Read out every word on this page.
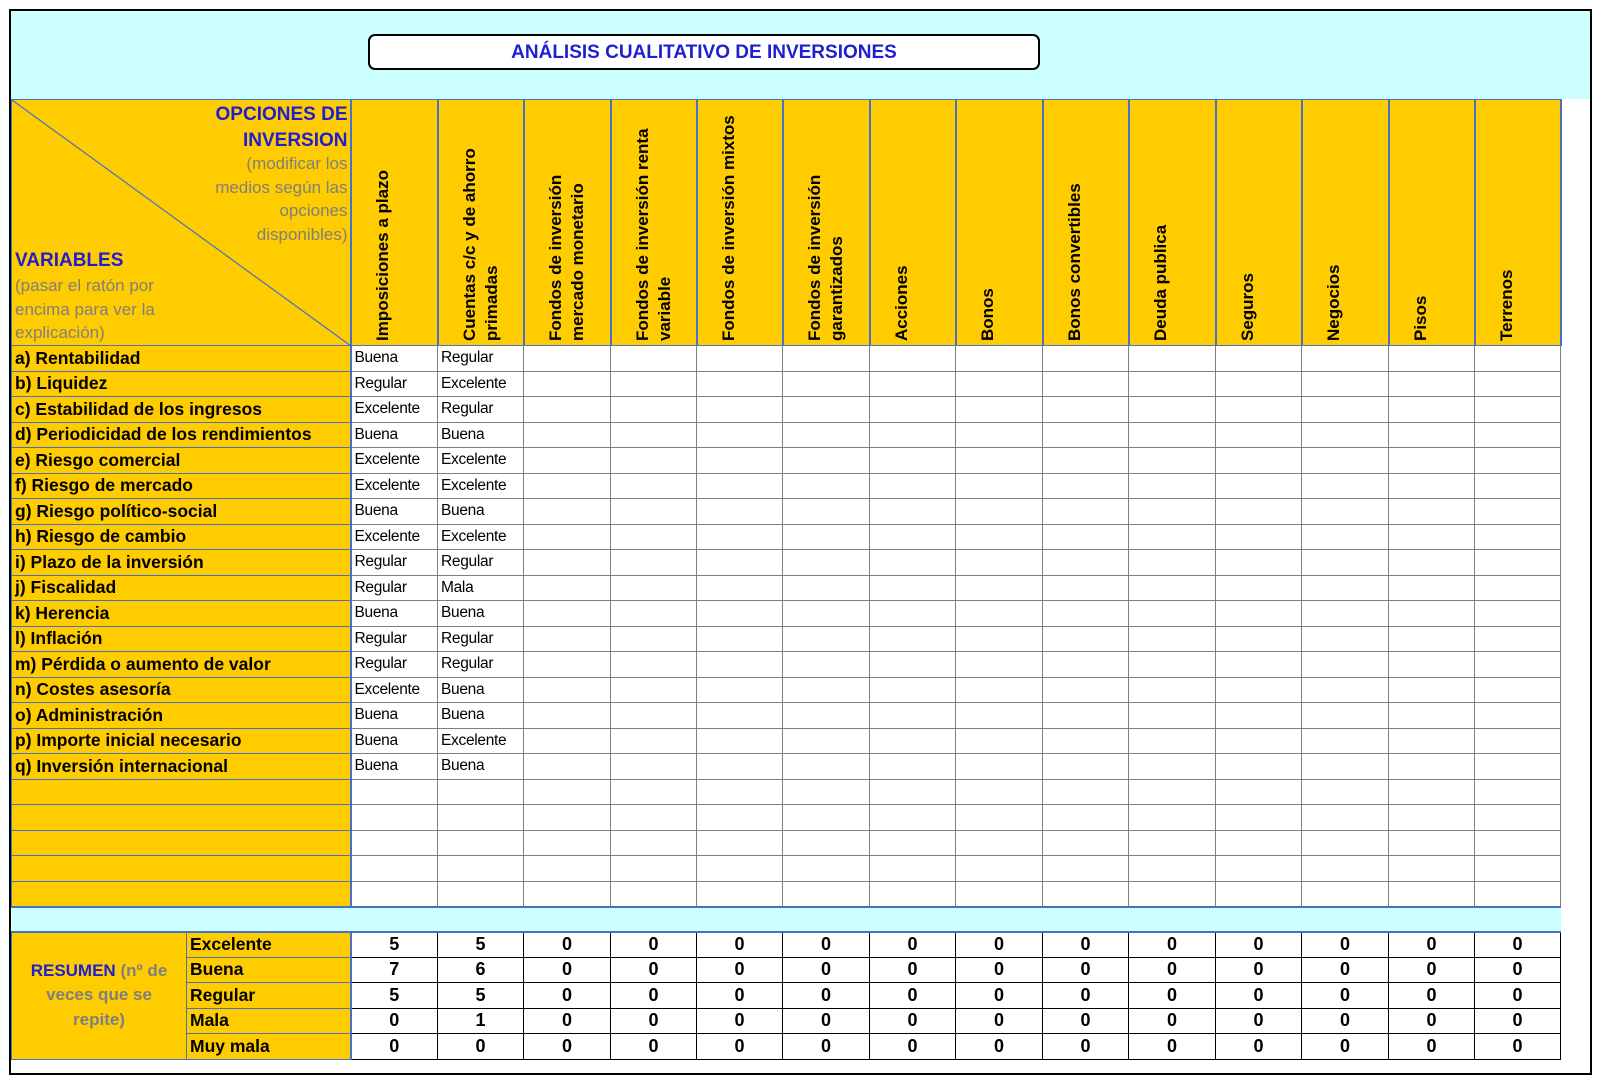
ANÁLISIS CUALITATIVO DE INVERSIONES
OPCIONES DE
INVERSION
(modificar los medios según las opciones disponibles)
VARIABLES
(pasar el ratón por encima para ver la explicación)		Imposiciones a plazo	Cuentas c/c y de ahorro primadas	Fondos de inversión mercado monetario	Fondos de inversión renta variable	Fondos de inversión mixtos	Fondos de inversión garantizados	Acciones	Bonos	Bonos convertibles	Deuda publica	Seguros	Negocios	Pisos	Terrenos

a) Rentabilidad		Buena	Regular												
b) Liquidez		Regular	Excelente												
c) Estabilidad de los ingresos		Excelente	Regular												
d) Periodicidad de los rendimientos		Buena	Buena												
e) Riesgo comercial		Excelente	Excelente												
f) Riesgo de mercado		Excelente	Excelente												
g) Riesgo político-social		Buena	Buena												
h) Riesgo de cambio		Excelente	Excelente												
i) Plazo de la inversión		Regular	Regular												
j) Fiscalidad		Regular	Mala												
k) Herencia		Buena	Buena												
l) Inflación		Regular	Regular												
m) Pérdida o aumento de valor		Regular	Regular												
n) Costes asesoría		Excelente	Buena												
o) Administración		Buena	Buena												
p) Importe inicial necesario		Buena	Excelente												
q) Inversión internacional		Buena	Buena												

RESUMEN (nº de veces que se repite)	Excelente	5	5	0	0	0	0	0	0	0	0	0	0	0	0
	Buena	7	6	0	0	0	0	0	0	0	0	0	0	0	0
	Regular	5	5	0	0	0	0	0	0	0	0	0	0	0	0
	Mala	0	1	0	0	0	0	0	0	0	0	0	0	0	0
	Muy mala	0	0	0	0	0	0	0	0	0	0	0	0	0	0
